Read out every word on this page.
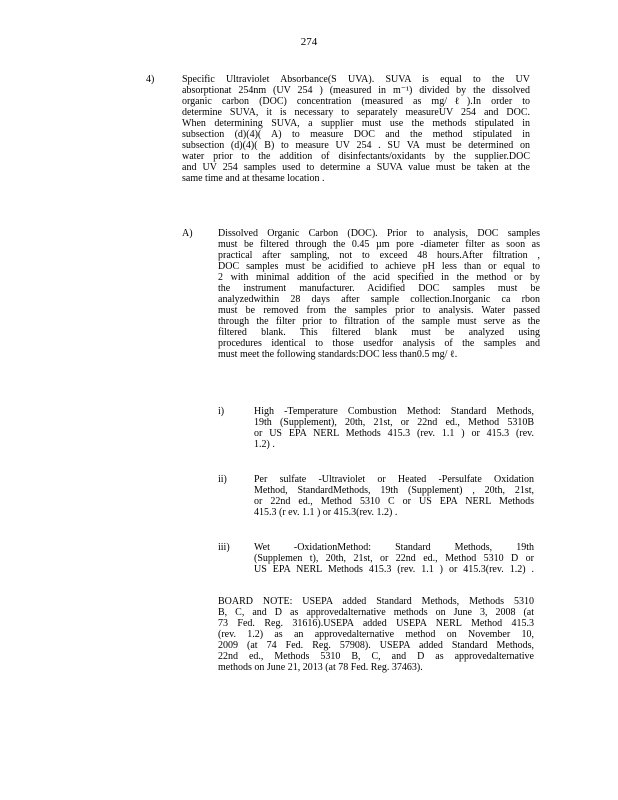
274
4)	Specific Ultraviolet Absorbance(S UVA). SUVA is equal to the UV
absorptionat 254nm (UV 254 ) (measured in m⁻¹) divided by the dissolved
organic carbon (DOC) concentration (measured as mg/ℓ).In order to
determine SUVA, it is necessary to separately measureUV 254 and DOC.
When determining SUVA, a supplier must use the methods stipulated in
subsection (d)(4)( A) to measure DOC and the method stipulated in
subsection (d)(4)( B) to measure UV 254 . SU VA must be determined on
water prior to the addition of disinfectants/oxidants by the supplier.DOC
and UV 254 samples used to determine a SUVA value must be taken at the
same time and at thesame location .
A)	Dissolved Organic Carbon (DOC). Prior to analysis, DOC samples
must be filtered through the 0.45 µm pore -diameter filter as soon as
practical after sampling, not to exceed 48 hours.After filtration ,
DOC samples must be acidified to achieve pH less than or equal to
2 with minimal addition of the acid specified in the method or by
the instrument manufacturer. Acidified DOC samples must be
analyzedwithin 28 days after sample collection.Inorganic ca rbon
must be removed from the samples prior to analysis. Water passed
through the filter prior to filtration of the sample must serve as the
filtered blank. This filtered blank must be analyzed using
procedures identical to those usedfor analysis of the samples and
must meet the following standards:DOC less than0.5 mg/ ℓ.
i)	High -Temperature Combustion Method: Standard Methods,
19th (Supplement), 20th, 21st, or 22nd ed., Method 5310B
or US EPA NERL Methods 415.3 (rev. 1.1 ) or 415.3 (rev.
1.2) .
ii)	Per sulfate -Ultraviolet or Heated -Persulfate Oxidation
Method, StandardMethods, 19th (Supplement) , 20th, 21st,
or 22nd ed., Method 5310 C or US EPA NERL Methods
415.3 (r ev. 1.1 ) or 415.3(rev. 1.2) .
iii) Wet -OxidationMethod: Standard Methods, 19th
(Supplemen t), 20th, 21st, or 22nd ed., Method 5310 D or
US EPA NERL Methods 415.3 (rev. 1.1 ) or 415.3(rev. 1.2) .
BOARD NOTE: USEPA added Standard Methods, Methods 5310
B, C, and D as approvedalternative methods on June 3, 2008 (at
73 Fed. Reg. 31616).USEPA added USEPA NERL Method 415.3
(rev. 1.2) as an approvedalternative method on November 10,
2009 (at 74 Fed. Reg. 57908). USEPA added Standard Methods,
22nd ed., Methods 5310 B, C, and D as approvedalternative
methods on June 21, 2013 (at 78 Fed. Reg. 37463).
